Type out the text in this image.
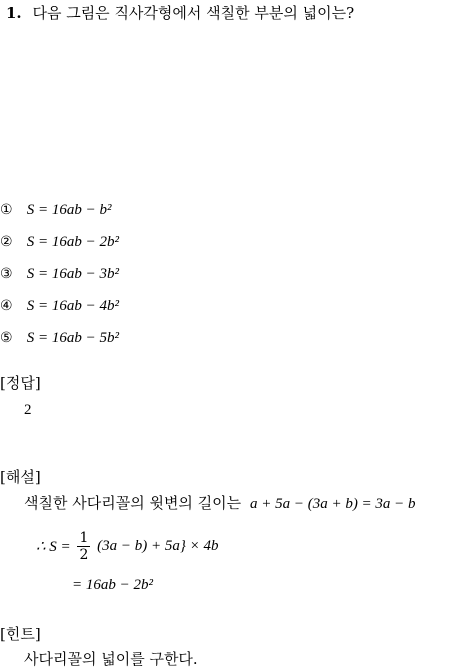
1. 다음 그림은 직사각형에서 색칠한 부분의 넓이는?
① S = 16ab − b²
② S = 16ab − 2b²
③ S = 16ab − 3b²
④ S = 16ab − 4b²
⑤ S = 16ab − 5b²
[정답]
2
[해설]
색칠한 사다리꼴의 윗변의 길이는 a + 5a − (3a + b) = 3a − b
∴ $S = \frac{1}{2} (3a - b) + 5a\} \times 4b$
= 16ab − 2b²
[힌트]
사다리꼴의 넓이를 구한다.
